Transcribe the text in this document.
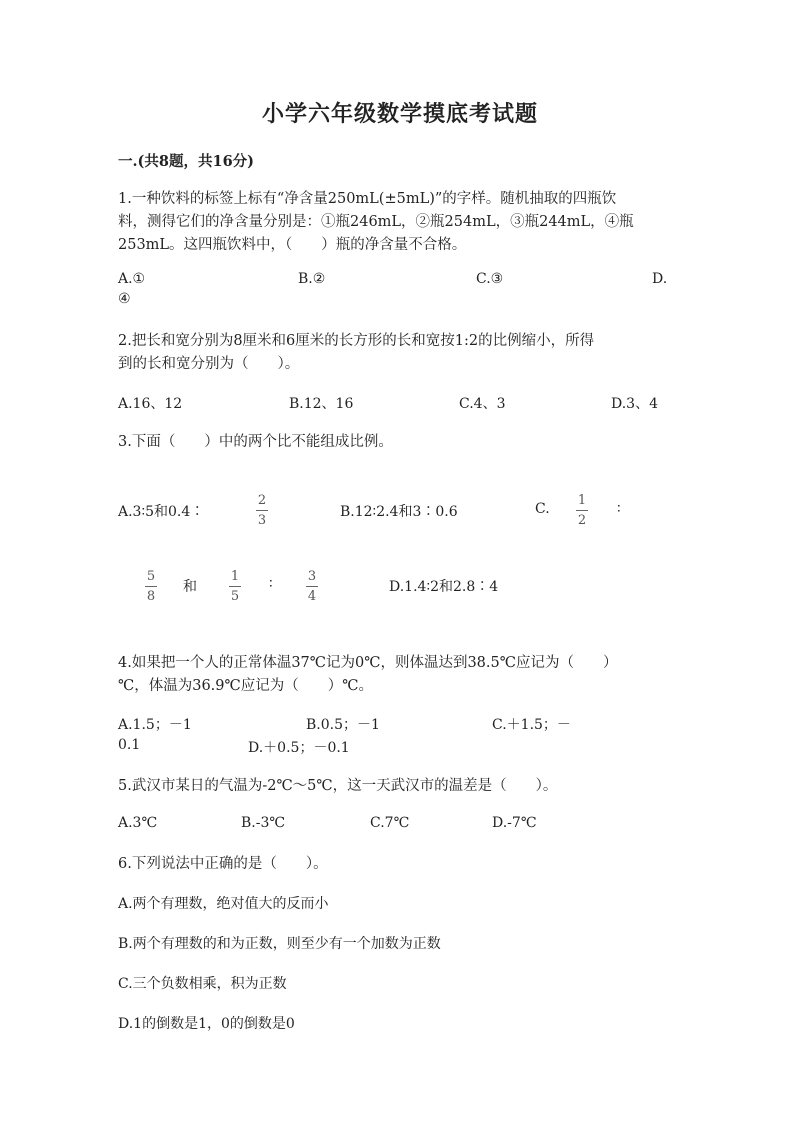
小学六年级数学摸底考试题
一.(共8题，共16分)
1.一种饮料的标签上标有“净含量250mL(±5mL)”的字样。随机抽取的四瓶饮
料，测得它们的净含量分别是：①瓶246mL，②瓶254mL，③瓶244mL，④瓶
253mL。这四瓶饮料中，（　　）瓶的净含量不合格。
A.①	B.②	C.③	D.
④
2.把长和宽分别为8厘米和6厘米的长方形的长和宽按1:2的比例缩小，所得
到的长和宽分别为（　　）。
A.16、12	B.12、16	C.4、3	D.3、4
3.下面（　　）中的两个比不能组成比例。
A.3∶5和0.4∶
2
3
B.12∶2.4和3∶0.6	C.
1
2
∶
5
8
和
1
5
∶	3
4
D.1.4∶2和2.8∶4
4.如果把一个人的正常体温37℃记为0℃，则体温达到38.5℃应记为（　　）
℃，体温为36.9℃应记为（　　）℃。
A.1.5；－1	B.0.5；－1	C.＋1.5；－
0.1	D.＋0.5；－0.1
5.武汉市某日的气温为-2℃～5℃，这一天武汉市的温差是（　　）。
A.3℃	B.-3℃	C.7℃	D.-7℃
6.下列说法中正确的是（　　）。
A.两个有理数，绝对值大的反而小
B.两个有理数的和为正数，则至少有一个加数为正数
C.三个负数相乘，积为正数
D.1的倒数是1，0的倒数是0
